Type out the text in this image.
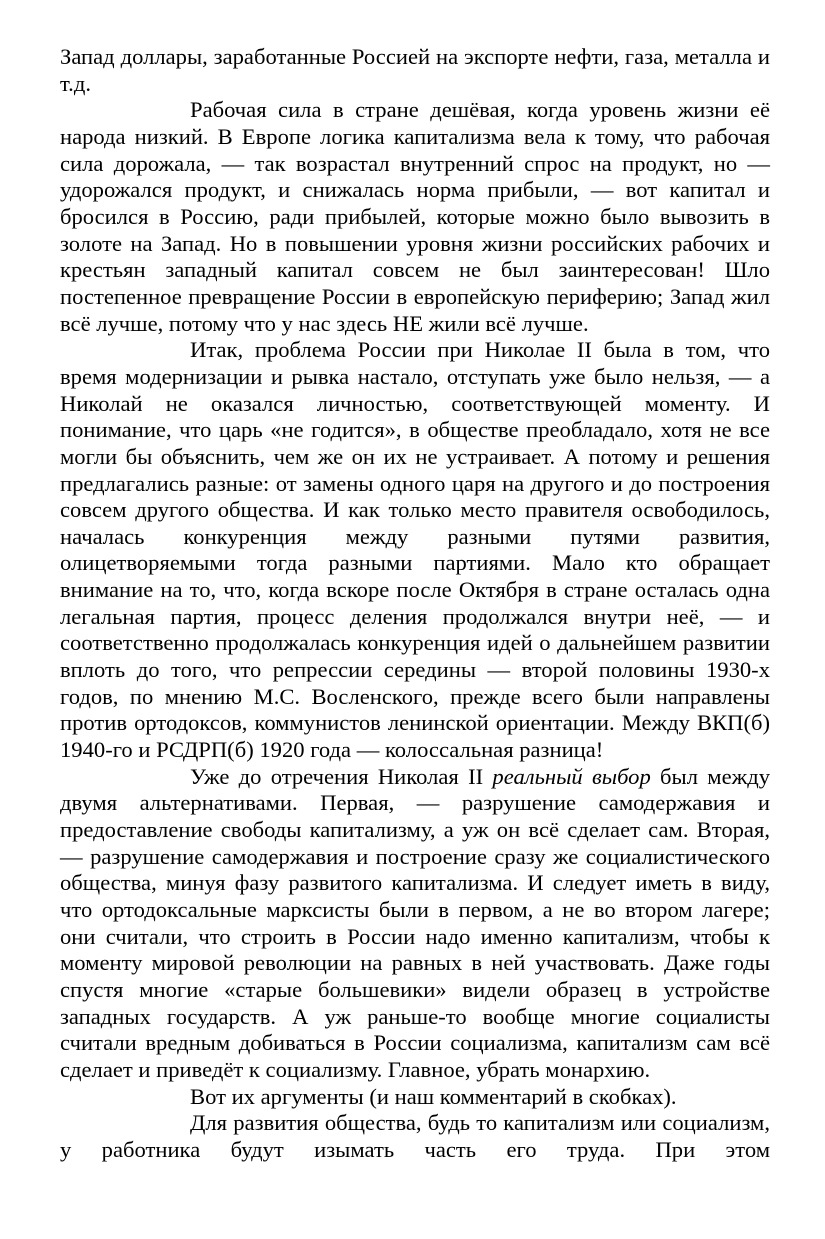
Запад доллары, заработанные Россией на экспорте нефти, газа, металла и т.д.

Рабочая сила в стране дешёвая, когда уровень жизни её народа низкий. В Европе логика капитализма вела к тому, что рабочая сила дорожала, — так возрастал внутренний спрос на продукт, но — удорожался продукт, и снижалась норма прибыли, — вот капитал и бросился в Россию, ради прибылей, которые можно было вывозить в золоте на Запад. Но в повышении уровня жизни российских рабочих и крестьян западный капитал совсем не был заинтересован! Шло постепенное превращение России в европейскую периферию; Запад жил всё лучше, потому что у нас здесь НЕ жили всё лучше.

Итак, проблема России при Николае II была в том, что время модернизации и рывка настало, отступать уже было нельзя, — а Николай не оказался личностью, соответствующей моменту. И понимание, что царь «не годится», в обществе преобладало, хотя не все могли бы объяснить, чем же он их не устраивает. А потому и решения предлагались разные: от замены одного царя на другого и до построения совсем другого общества. И как только место правителя освободилось, началась конкуренция между разными путями развития, олицетворяемыми тогда разными партиями. Мало кто обращает внимание на то, что, когда вскоре после Октября в стране осталась одна легальная партия, процесс деления продолжался внутри неё, — и соответственно продолжалась конкуренция идей о дальнейшем развитии вплоть до того, что репрессии середины — второй половины 1930-х годов, по мнению М.С. Восленского, прежде всего были направлены против ортодоксов, коммунистов ленинской ориентации. Между ВКП(б) 1940-го и РСДРП(б) 1920 года — колоссальная разница!

Уже до отречения Николая II реальный выбор был между двумя альтернативами. Первая, — разрушение самодержавия и предоставление свободы капитализму, а уж он всё сделает сам. Вторая, — разрушение самодержавия и построение сразу же социалистического общества, минуя фазу развитого капитализма. И следует иметь в виду, что ортодоксальные марксисты были в первом, а не во втором лагере; они считали, что строить в России надо именно капитализм, чтобы к моменту мировой революции на равных в ней участвовать. Даже годы спустя многие «старые большевики» видели образец в устройстве западных государств. А уж раньше-то вообще многие социалисты считали вредным добиваться в России социализма, капитализм сам всё сделает и приведёт к социализму. Главное, убрать монархию.

Вот их аргументы (и наш комментарий в скобках).

Для развития общества, будь то капитализм или социализм, у работника будут изымать часть его труда. При этом
